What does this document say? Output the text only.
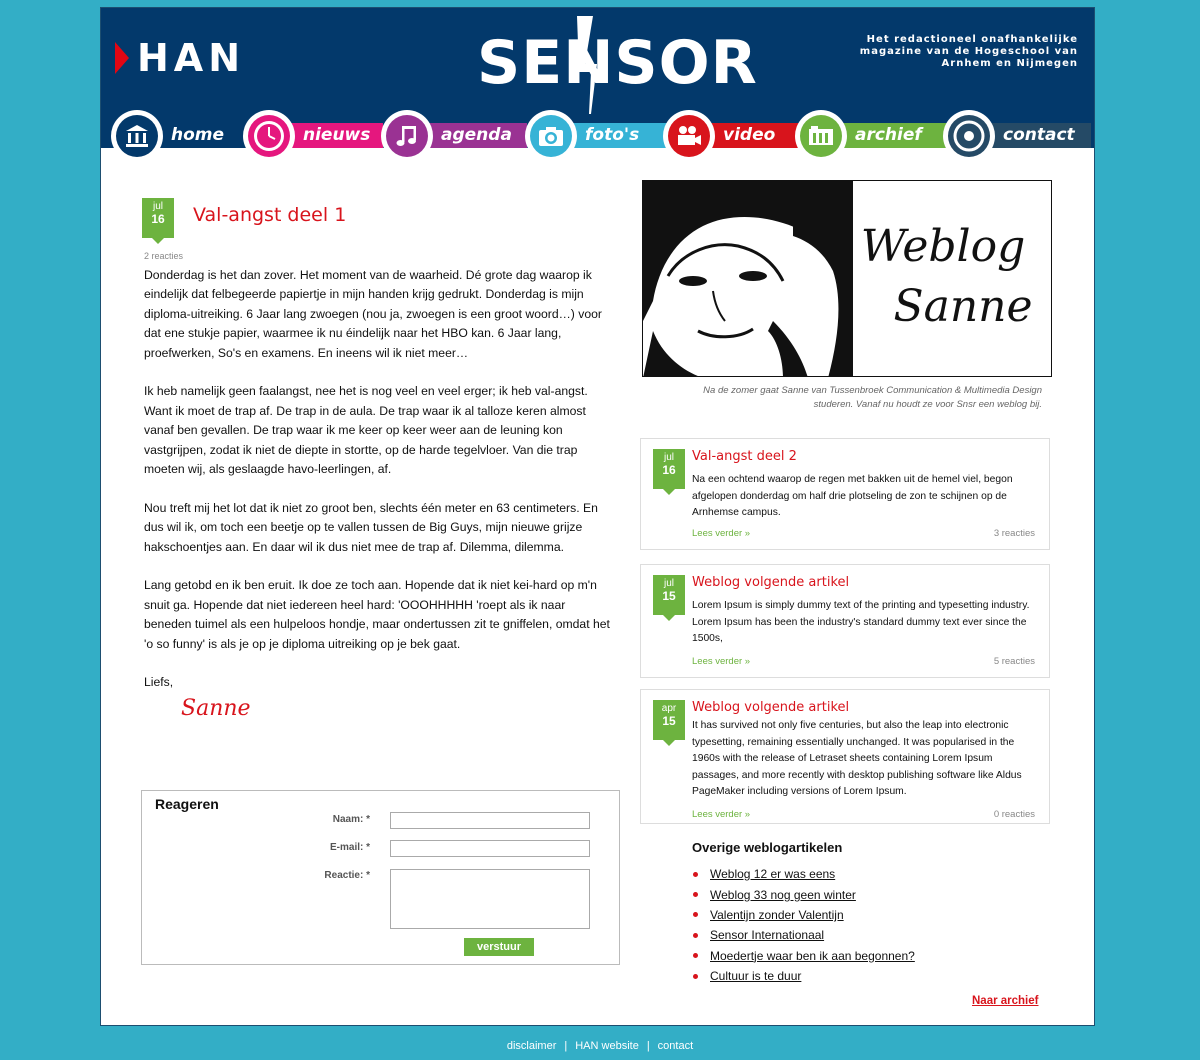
HAN	SENSOR	Het redactioneel onafhankelijke magazine van de Hogeschool van Arnhem en Nijmegen
home	nieuws	agenda	foto's	video	archief	contact
jul
16	Val-angst deel 1
2 reacties

Donderdag is het dan zover. Het moment van de waarheid. Dé grote dag waarop ik eindelijk dat felbegeerde papiertje in mijn handen krijg gedrukt. Donderdag is mijn diploma-uitreiking. 6 Jaar lang zwoegen (nou ja, zwoegen is een groot woord…) voor dat ene stukje papier, waarmee ik nu éindelijk naar het HBO kan. 6 Jaar lang, proefwerken, So's en examens. En ineens wil ik niet meer…

Ik heb namelijk geen faalangst, nee het is nog veel en veel erger; ik heb val-angst. Want ik moet de trap af. De trap in de aula. De trap waar ik al talloze keren almost vanaf ben gevallen. De trap waar ik me keer op keer weer aan de leuning kon vastgrijpen, zodat ik niet de diepte in stortte, op de harde tegelvloer. Van die trap moeten wij, als geslaagde havo-leerlingen, af.

Nou treft mij het lot dat ik niet zo groot ben, slechts één meter en 63 centimeters. En dus wil ik, om toch een beetje op te vallen tussen de Big Guys, mijn nieuwe grijze hakschoentjes aan. En daar wil ik dus niet mee de trap af. Dilemma, dilemma.

Lang getobd en ik ben eruit. Ik doe ze toch aan. Hopende dat ik niet kei-hard op m'n snuit ga. Hopende dat niet iedereen heel hard: 'OOOHHHHH 'roept als ik naar beneden tuimel als een hulpeloos hondje, maar ondertussen zit te gniffelen, omdat het 'o so funny' is als je op je diploma uitreiking op je bek gaat.

Liefs,

Sanne
Reageren
Naam: *
E-mail: *
Reactie: *
verstuur
Weblog
Sanne
Na de zomer gaat Sanne van Tussenbroek Communication & Multimedia Design studeren. Vanaf nu houdt ze voor Snsr een weblog bij.
jul
16
Val-angst deel 2
Na een ochtend waarop de regen met bakken uit de hemel viel, begon afgelopen donderdag om half drie plotseling de zon te schijnen op de Arnhemse campus.
Lees verder »	3 reacties
jul
15
Weblog volgende artikel
Lorem Ipsum is simply dummy text of the printing and typesetting industry. Lorem Ipsum has been the industry's standard dummy text ever since the 1500s,
Lees verder »	5 reacties
apr
15
Weblog volgende artikel
It has survived not only five centuries, but also the leap into electronic typesetting, remaining essentially unchanged. It was popularised in the 1960s with the release of Letraset sheets containing Lorem Ipsum passages, and more recently with desktop publishing software like Aldus PageMaker including versions of Lorem Ipsum.
Lees verder »	0 reacties
Overige weblogartikelen
Weblog 12 er was eens
Weblog 33 nog geen winter
Valentijn zonder Valentijn
Sensor Internationaal
Moedertje waar ben ik aan begonnen?
Cultuur is te duur
Naar archief
disclaimer | HAN website | contact
